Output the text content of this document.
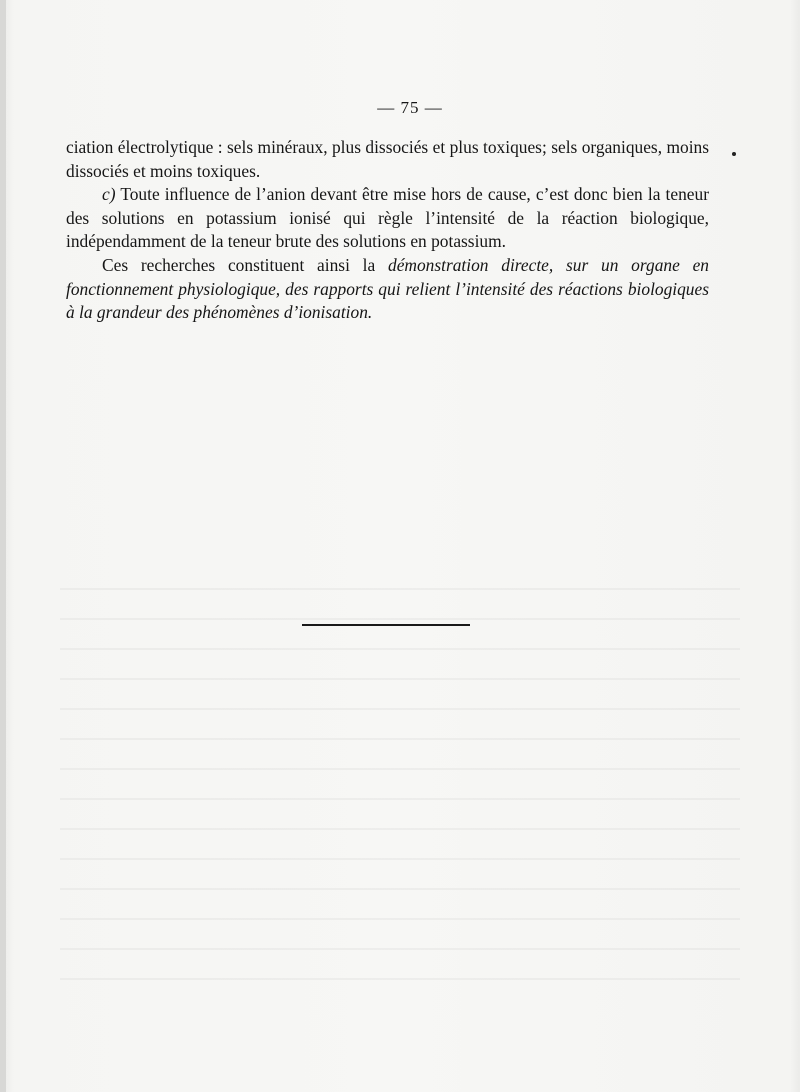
— 75 —

ciation électrolytique : sels minéraux, plus dissociés et plus toxiques; sels organiques, moins dissociés et moins toxiques.

c) Toute influence de l’anion devant être mise hors de cause, c’est donc bien la teneur des solutions en potassium ionisé qui règle l’intensité de la réaction biologique, indépendamment de la teneur brute des solutions en potassium.

Ces recherches constituent ainsi la démonstration directe, sur un organe en fonctionnement physiologique, des rapports qui relient l’intensité des réactions biologiques à la grandeur des phénomènes d’ionisation.
